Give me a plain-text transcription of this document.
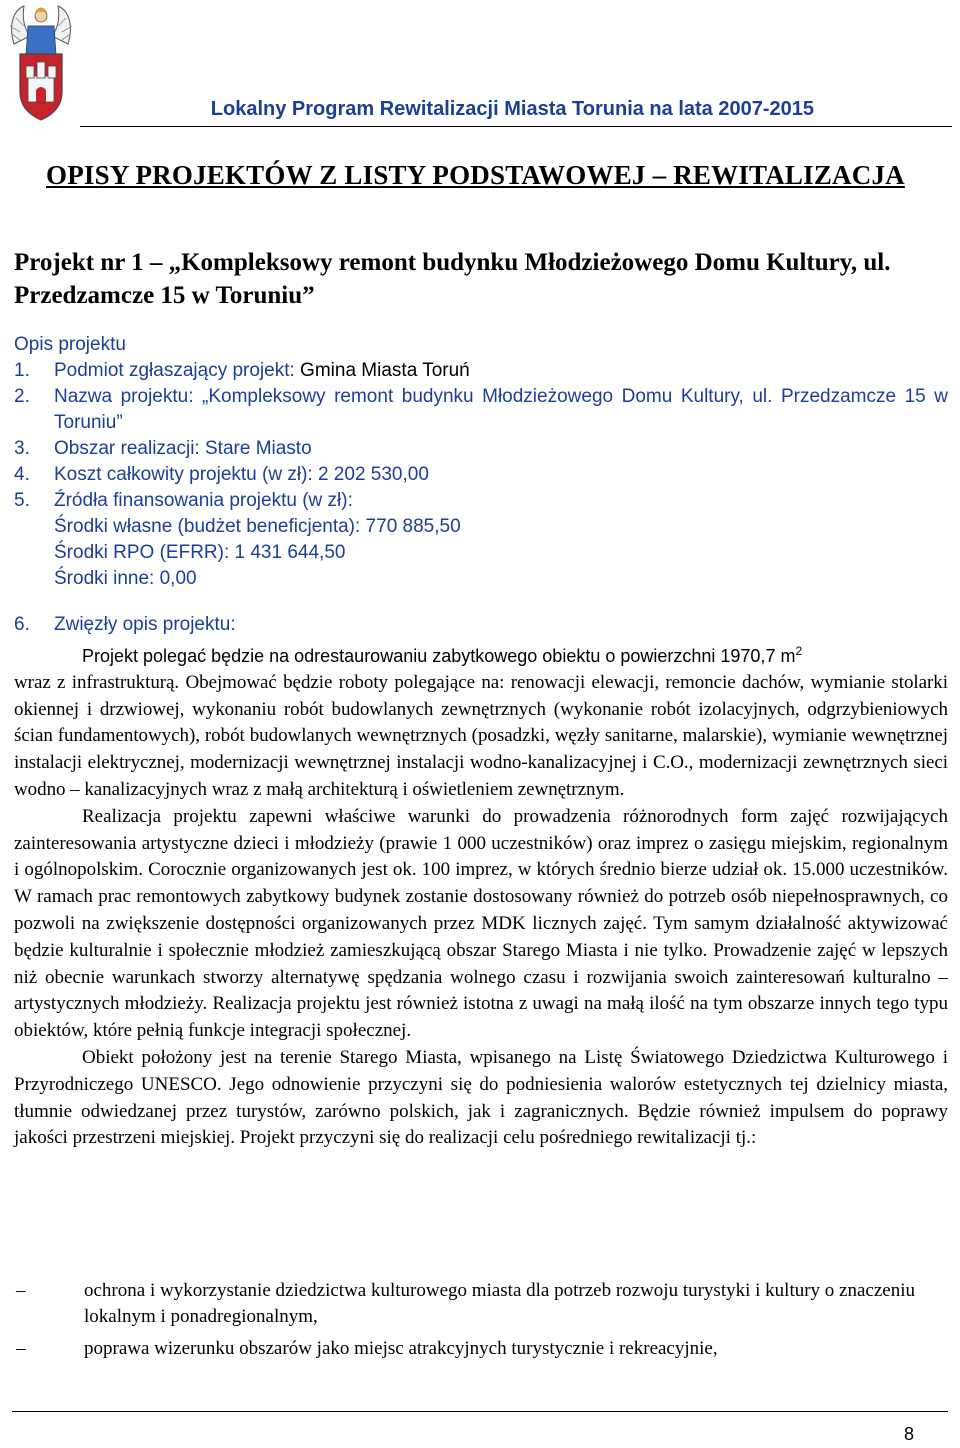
Lokalny Program Rewitalizacji Miasta Torunia na lata 2007-2015
OPISY PROJEKTÓW Z LISTY PODSTAWOWEJ – REWITALIZACJA
Projekt nr 1 – „Kompleksowy remont budynku Młodzieżowego Domu Kultury, ul. Przedzamcze 15 w Toruniu”
Opis projektu
1. Podmiot zgłaszający projekt: Gmina Miasta Toruń
2.	Nazwa projektu: „Kompleksowy remont budynku Młodzieżowego Domu Kultury, ul. Przedzamcze 15 w Toruniu”
3. Obszar realizacji: Stare Miasto
4. Koszt całkowity projektu (w zł): 2 202 530,00
5. Źródła finansowania projektu (w zł):
Środki własne (budżet beneficjenta): 770 885,50
Środki RPO (EFRR): 1 431 644,50
Środki inne: 0,00
6. Zwięzły opis projektu:
Projekt polegać będzie na odrestaurowaniu zabytkowego obiektu o powierzchni 1970,7 $m^2$

wraz z infrastrukturą. Obejmować będzie roboty polegające na: renowacji elewacji, remoncie dachów, wymianie stolarki okiennej i drzwiowej, wykonaniu robót budowlanych zewnętrznych (wykonanie robót izolacyjnych, odgrzybieniowych ścian fundamentowych), robót budowlanych wewnętrznych (posadzki, węzły sanitarne, malarskie), wymianie wewnętrznej instalacji elektrycznej, modernizacji wewnętrznej instalacji wodno-kanalizacyjnej i C.O., modernizacji zewnętrznych sieci wodno – kanalizacyjnych wraz z małą architekturą i oświetleniem zewnętrznym.

Realizacja projektu zapewni właściwe warunki do prowadzenia różnorodnych form zajęć rozwijających zainteresowania artystyczne dzieci i młodzieży (prawie 1 000 uczestników) oraz imprez o zasięgu miejskim, regionalnym i ogólnopolskim. Corocznie organizowanych jest ok. 100 imprez, w których średnio bierze udział ok. 15.000 uczestników. W ramach prac remontowych zabytkowy budynek zostanie dostosowany również do potrzeb osób niepełnosprawnych, co pozwoli na zwiększenie dostępności organizowanych przez MDK licznych zajęć. Tym samym działalność aktywizować będzie kulturalnie i społecznie młodzież zamieszkującą obszar Starego Miasta i nie tylko. Prowadzenie zajęć w lepszych niż obecnie warunkach stworzy alternatywę spędzania wolnego czasu i rozwijania swoich zainteresowań kulturalno – artystycznych młodzieży. Realizacja projektu jest również istotna z uwagi na małą ilość na tym obszarze innych tego typu obiektów, które pełnią funkcje integracji społecznej.

Obiekt położony jest na terenie Starego Miasta, wpisanego na Listę Światowego Dziedzictwa Kulturowego i Przyrodniczego UNESCO. Jego odnowienie przyczyni się do podniesienia walorów estetycznych tej dzielnicy miasta, tłumnie odwiedzanej przez turystów, zarówno polskich, jak i zagranicznych. Będzie również impulsem do poprawy jakości przestrzeni miejskiej. Projekt przyczyni się do realizacji celu pośredniego rewitalizacji tj.:

–	ochrona i wykorzystanie dziedzictwa kulturowego miasta dla potrzeb rozwoju turystyki i kultury o znaczeniu lokalnym i ponadregionalnym,
–	poprawa wizerunku obszarów jako miejsc atrakcyjnych turystycznie i rekreacyjnie,
8
